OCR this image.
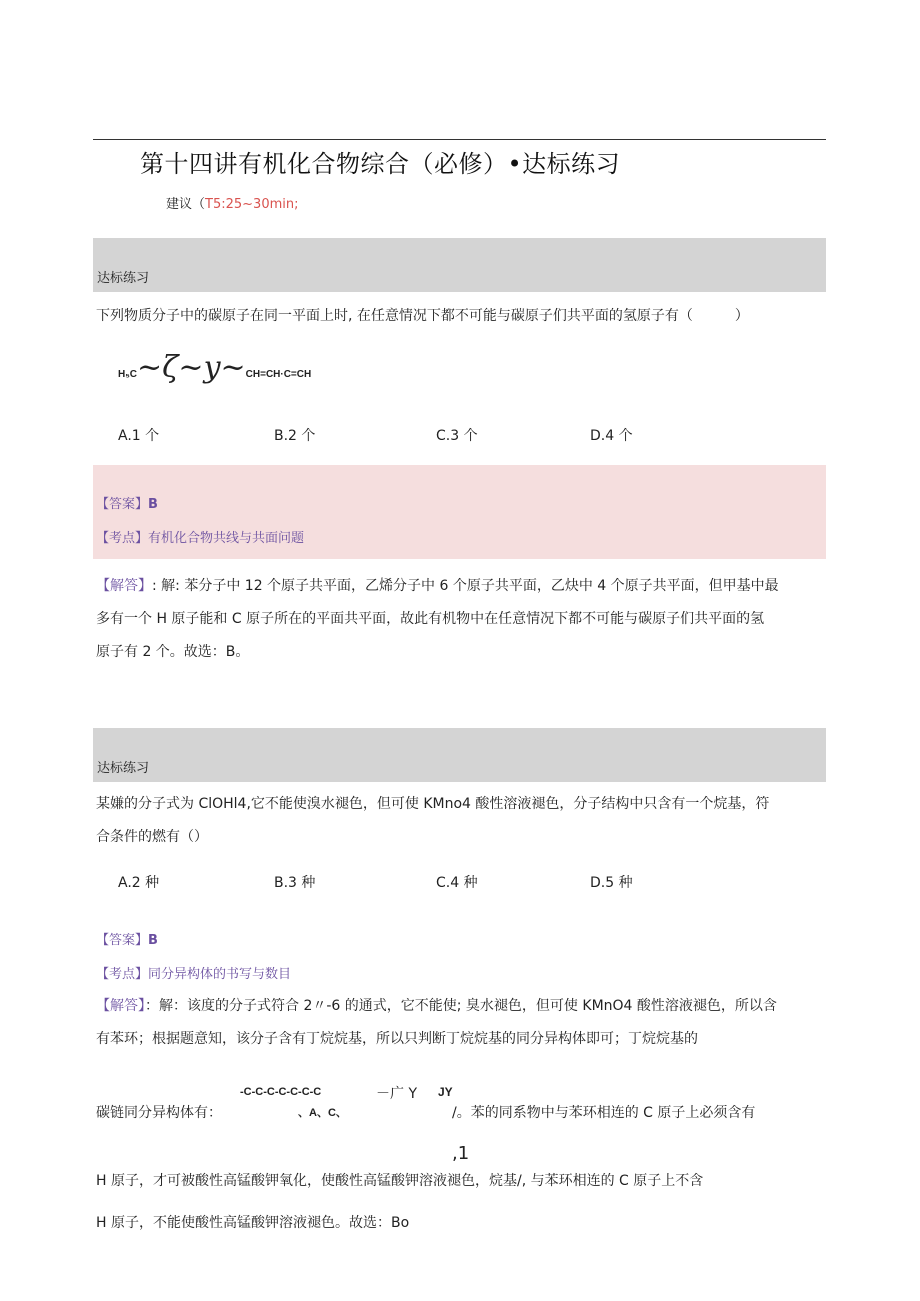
第十四讲有机化合物综合（必修）•达标练习
建议（T5:25~30min;
达标练习
下列物质分子中的碳原子在同一平面上时, 在任意情况下都不可能与碳原子们共平面的氢原子有（　　　）
H₅C~ζ~y~CH=CH·C=CH
A.1 个	B.2 个	C.3 个	D.4 个
【答案】B
【考点】有机化合物共线与共面问题
【解答】: 解: 苯分子中 12 个原子共平面，乙烯分子中 6 个原子共平面，乙炔中 4 个原子共平面，但甲基中最
多有一个 H 原子能和 C 原子所在的平面共平面，故此有机物中在任意情况下都不可能与碳原子们共平面的氢
原子有 2 个。故选：B。
达标练习
某嫌的分子式为 ClOHl4,它不能使溴水褪色，但可使 KMno4 酸性溶液褪色，分子结构中只含有一个烷基，符
合条件的燃有（）
A.2 种	B.3 种	C.4 种	D.5 种
【答案】B
【考点】同分异构体的书写与数目
【解答】：解：该度的分子式符合 2〃-6 的通式，它不能使; 臭水褪色，但可使 KMnO4 酸性溶液褪色，所以含
有苯环；根据题意知，该分子含有丁烷烷基，所以只判断丁烷烷基的同分异构体即可；丁烷烷基的
-C-C-C-C-C-C-C	－广 Y JY
碳链同分异构体有：	、A、C、	/。苯的同系物中与苯环相连的 C 原子上必须含有
,1
H 原子，才可被酸性高锰酸钾氧化，使酸性高锰酸钾溶液褪色，烷基/, 与苯环相连的 C 原子上不含
H 原子，不能使酸性高锰酸钾溶液褪色。故选：Bo
